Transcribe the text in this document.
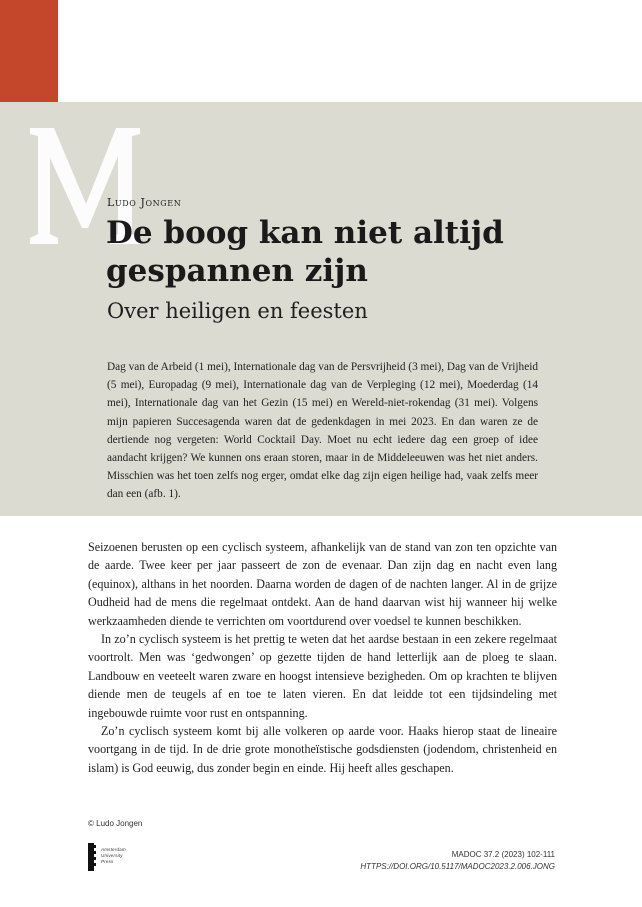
Ludo Jongen
De boog kan niet altijd gespannen zijn
Over heiligen en feesten
Dag van de Arbeid (1 mei), Internationale dag van de Persvrijheid (3 mei), Dag van de Vrijheid (5 mei), Europadag (9 mei), Internationale dag van de Verpleging (12 mei), Moederdag (14 mei), Internationale dag van het Gezin (15 mei) en Wereld-niet-rokendag (31 mei). Volgens mijn papieren Succesagenda waren dat de gedenkdagen in mei 2023. En dan waren ze de dertiende nog vergeten: World Cocktail Day. Moet nu echt iedere dag een groep of idee aandacht krijgen? We kunnen ons eraan storen, maar in de Middeleeuwen was het niet anders. Misschien was het toen zelfs nog erger, omdat elke dag zijn eigen heilige had, vaak zelfs meer dan een (afb. 1).

Seizoenen berusten op een cyclisch systeem, afhankelijk van de stand van zon ten opzichte van de aarde. Twee keer per jaar passeert de zon de evenaar. Dan zijn dag en nacht even lang (equinox), althans in het noorden. Daarna worden de dagen of de nachten langer. Al in de grijze Oudheid had de mens die regelmaat ontdekt. Aan de hand daarvan wist hij wanneer hij welke werkzaamheden diende te verrichten om voortdurend over voedsel te kunnen beschikken.

In zo’n cyclisch systeem is het prettig te weten dat het aardse bestaan in een zekere regelmaat voortrolt. Men was ‘gedwongen’ op gezette tijden de hand letterlijk aan de ploeg te slaan. Landbouw en veeteelt waren zware en hoogst intensieve bezigheden. Om op krachten te blijven diende men de teugels af en toe te laten vieren. En dat leidde tot een tijdsindeling met ingebouwde ruimte voor rust en ontspanning.

Zo’n cyclisch systeem komt bij alle volkeren op aarde voor. Haaks hierop staat de lineaire voortgang in de tijd. In de drie grote monotheïstische godsdiensten (jodendom, christenheid en islam) is God eeuwig, dus zonder begin en einde. Hij heeft alles geschapen.

© Ludo Jongen
Amsterdam
University
Press
MADOC 37.2 (2023) 102-111
HTTPS://DOI.ORG/10.5117/MADOC2023.2.006.JONG
